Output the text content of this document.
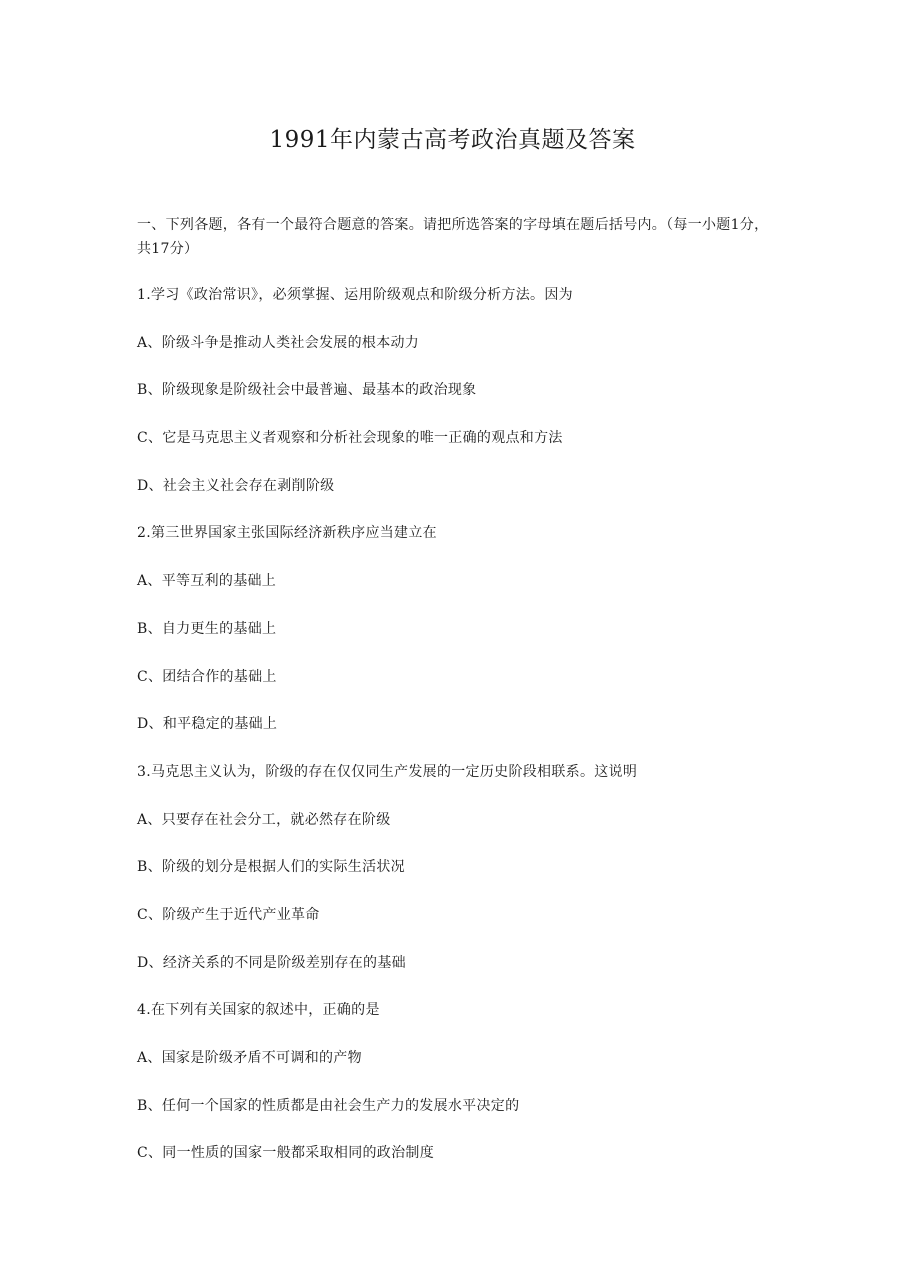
1991年内蒙古高考政治真题及答案
一、下列各题，各有一个最符合题意的答案。请把所选答案的字母填在题后括号内。（每一小题1分，共17分）
1.学习《政治常识》，必须掌握、运用阶级观点和阶级分析方法。因为
A、阶级斗争是推动人类社会发展的根本动力
B、阶级现象是阶级社会中最普遍、最基本的政治现象
C、它是马克思主义者观察和分析社会现象的唯一正确的观点和方法
D、社会主义社会存在剥削阶级
2.第三世界国家主张国际经济新秩序应当建立在
A、平等互利的基础上
B、自力更生的基础上
C、团结合作的基础上
D、和平稳定的基础上
3.马克思主义认为，阶级的存在仅仅同生产发展的一定历史阶段相联系。这说明
A、只要存在社会分工，就必然存在阶级
B、阶级的划分是根据人们的实际生活状况
C、阶级产生于近代产业革命
D、经济关系的不同是阶级差别存在的基础
4.在下列有关国家的叙述中，正确的是
A、国家是阶级矛盾不可调和的产物
B、任何一个国家的性质都是由社会生产力的发展水平决定的
C、同一性质的国家一般都采取相同的政治制度
